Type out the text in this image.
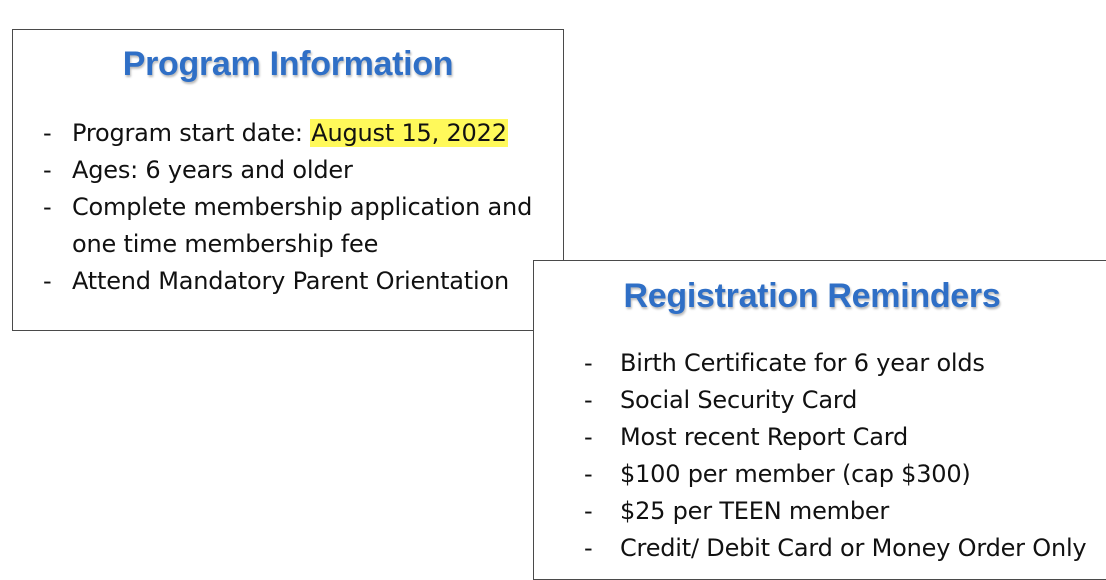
Program Information
- Program start date: August 15, 2022
- Ages: 6 years and older
- Complete membership application and
one time membership fee
- Attend Mandatory Parent Orientation	Registration Reminders
- Birth Certificate for 6 year olds
- Social Security Card
- Most recent Report Card
- $100 per member (cap $300)
- $25 per TEEN member
- Credit/ Debit Card or Money Order Only
